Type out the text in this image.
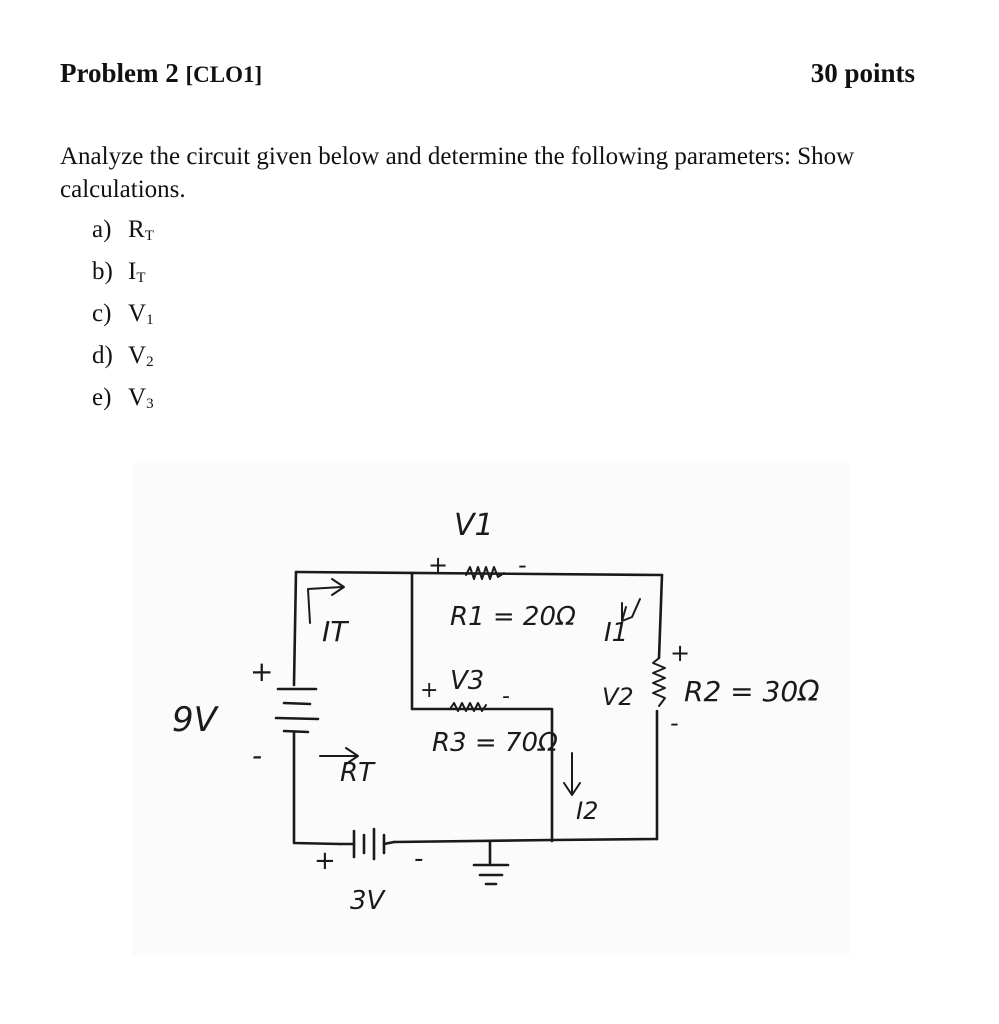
Problem 2 [CLO1]	30 points
Analyze the circuit given below and determine the following parameters: Show calculations.
a) $R_T$
b) $I_T$
c) $V_1$
d) $V_2$
e) $V_3$
V1
+	-
R1 = 20Ω
IT	I1
+
V2
-
R2 = 30Ω
+ V3
-
R3 = 70Ω
+
-
9V
RT
I2
+	-
3V
